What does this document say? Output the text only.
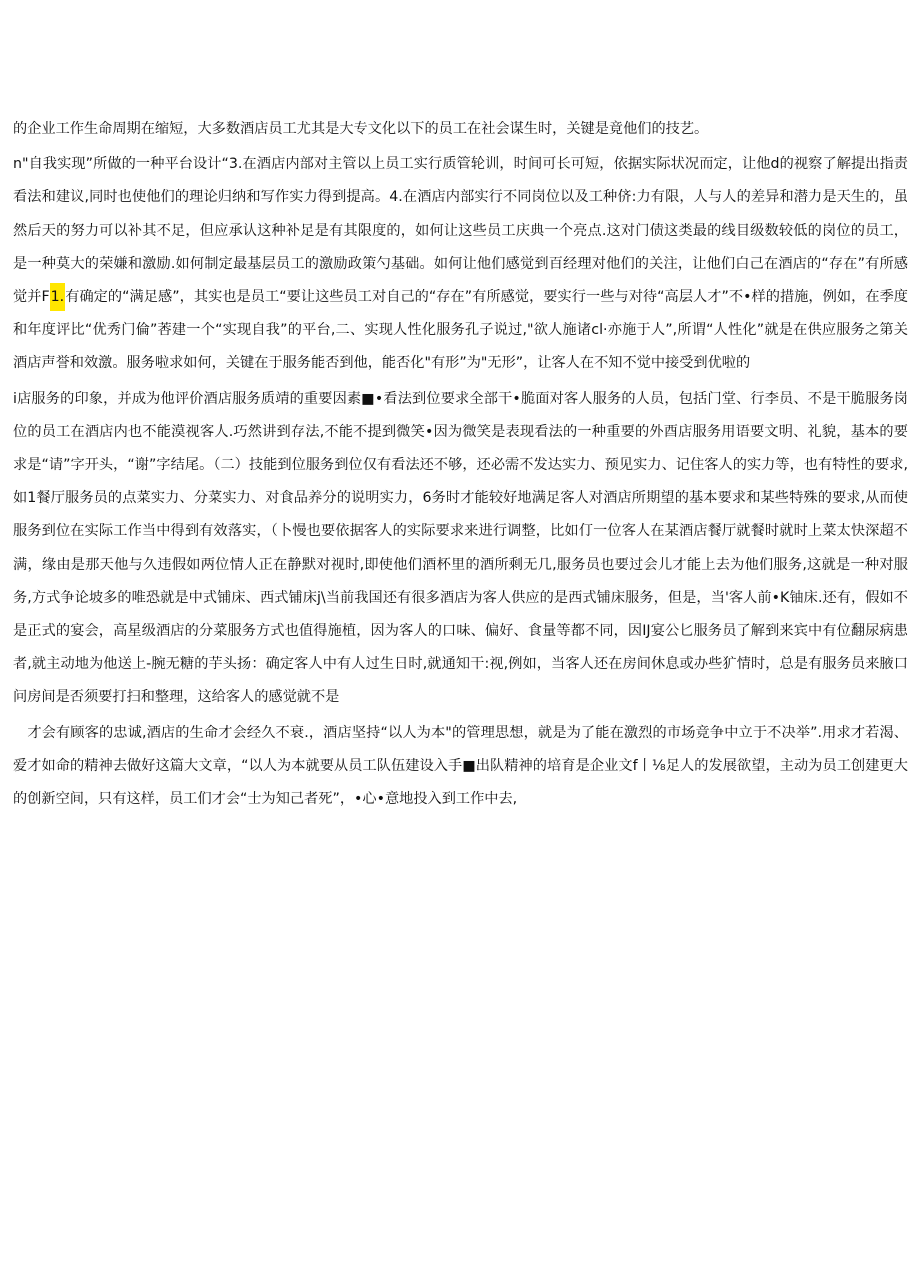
的企业工作生命周期在缩短，大多数酒店员工尤其是大专文化以下的员工在社会谋生时，关键是竟他们的技艺。

n"自我实现”所做的一种平台设计“3.在酒店内部对主管以上员工实行质管轮训，时间可长可短，依据实际状况而定，让他d的视察了解提出指责看法和建议,同时也使他们的理论归纳和写作实力得到提高。4.在酒店内部实行不同岗位以及工种侪:力有限，人与人的差异和潜力是天生的，虽然后天的努力可以补其不足，但应承认这种补足是有其限度的，如何让这些员工庆典一个亮点.这对门债这类最的线目级数较低的岗位的员工，是一种莫大的荣嫌和激励.如何制定最基层员工的激励政策勺基础。如何让他们感觉到百经理对他们的关注，让他们白己在酒店的“存在”有所感觉并F1.有确定的“满足感”，其实也是员工“要让这些员工对自己的“存在”有所感觉，要实行一些与对待“高层人才”不•样的措施，例如，在季度和年度评比“优秀门倫”莕建一个“实现自我”的平台,二、实现人性化服务孔子说过,"欲人施诸cl·亦施于人”,所谓“人性化”就是在供应服务之第关酒店声誉和效激。服务啦求如何，关键在于服务能否到他，能否化"有形”为"无形”，让客人在不知不觉中接受到优啦的

i店服务的印象，并成为他评价酒店服务质靖的重要因素■•看法到位要求全部干•脆面对客人服务的人员，包括门堂、行李员、不是干脆服务岗位的员工在酒店内也不能漠视客人.巧然讲到存法,不能不提到微笑•因为微笑是表现看法的一种重要的外酉店服务用语要文明、礼貌，基本的要求是“请”字开头，“谢”字结尾。（二）技能到位服务到位仅有看法还不够，还必需不发达实力、预见实力、记住客人的实力等，也有特性的要求,如1餐厅服务员的点菜实力、分菜实力、对食品养分的说明实力，6务时才能较好地满足客人对酒店所期望的基本要求和某些特殊的要求,从而使服务到位在实际工作当中得到有效落实，（卜慢也要依据客人的实际要求来进行调整，比如仃一位客人在某酒店餐厅就餐时就时上菜太快深超不满，缘由是那天他与久违假如两位情人正在静默对视时,即使他们酒杯里的酒所剩无几,服务员也要过会儿才能上去为他们服务,这就是一种对服务,方式争论坡多的唯恐就是中式铺床、西式铺床j\当前我国还有很多酒店为客人供应的是西式铺床服务，但是，当'客人前•K铀床.还有，假如不是正式的宴会，高星级酒店的分菜服务方式也值得施植，因为客人的口味、偏好、食量等都不同，因IJ宴公匕服务员了解到来宾中有位翻尿病患者,就主动地为他送上-腕无糖的芋头扬：确定客人中有人过生日时,就通知干:视,例如，当客人还在房间休息或办些犷情时，总是有服务员来腋口问房间是否须要打扫和整理，这给客人的感觉就不是

　才会有顾客的忠诚,酒店的生命才会经久不衰.，酒店坚持“以人为本"的管理思想，就是为了能在激烈的市场竞争中立于不决举”.用求才若渴、爱才如命的精神去做好这篇大文章，“以人为本就要从员工队伍建设入手■出队精神的培育是企业文f丨⅛足人的发展欲望，主动为员工创建更大的创新空间，只有这样，员工们才会“士为知己者死”，•心•意地投入到工作中去,
